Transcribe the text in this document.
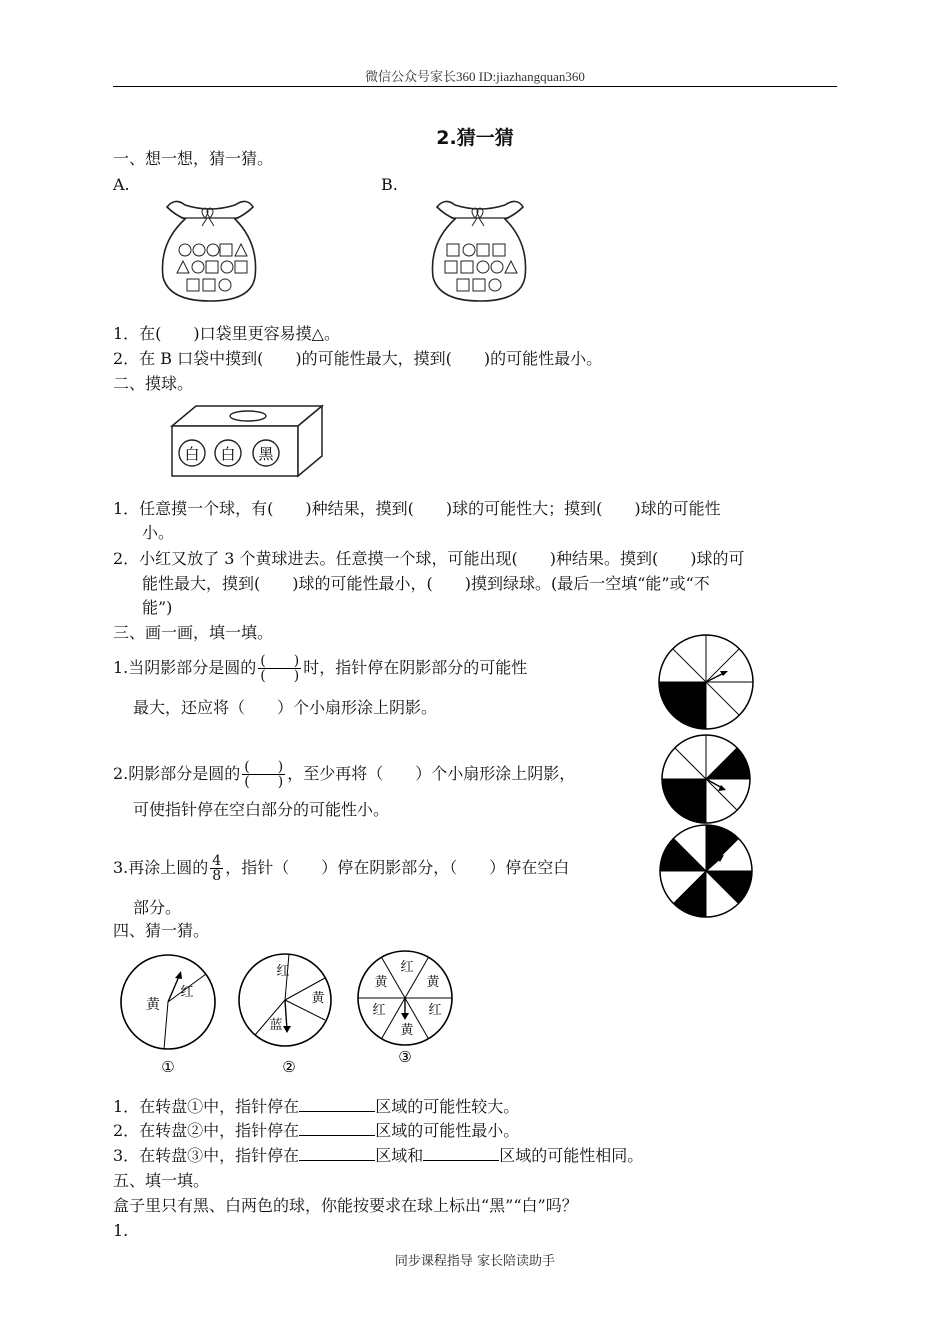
微信公众号家长360 ID:jiazhangquan360
2.猜一猜
一、想一想，猜一猜。
A.	B.
1．在(　　)口袋里更容易摸△。
2．在 B 口袋中摸到(　　)的可能性最大，摸到(　　)的可能性最小。
二、摸球。
白 白 黑
1．任意摸一个球，有(　　)种结果，摸到(　　)球的可能性大；摸到(　　)球的可能性
小。
2．小红又放了 3 个黄球进去。任意摸一个球，可能出现(　　)种结果。摸到(　　)球的可
能性最大，摸到(　　)球的可能性最小，(　　)摸到绿球。(最后一空填“能”或“不
能”)
三、画一画，填一填。
1.当阴影部分是圆的 $\frac{( )}{( )}$ 时，指针停在阴影部分的可能性
最大，还应将（　　）个小扇形涂上阴影。
2.阴影部分是圆的 $\frac{( )}{( )}$ ，至少再将（　　）个小扇形涂上阴影，
可使指针停在空白部分的可能性小。
3.再涂上圆的 $\frac{4}{8}$ ，指针（　　）停在阴影部分，（　　）停在空白
部分。
四、猜一猜。
黄
红
①
红
黄
蓝
②
黄
红
黄
红
黄
红
③
1．在转盘①中，指针停在	区域的可能性较大。
2．在转盘②中，指针停在	区域的可能性最小。
3．在转盘③中，指针停在	区域和	区域的可能性相同。
五、填一填。
盒子里只有黑、白两色的球，你能按要求在球上标出“黑”“白”吗？
1.
同步课程指导 家长陪读助手
